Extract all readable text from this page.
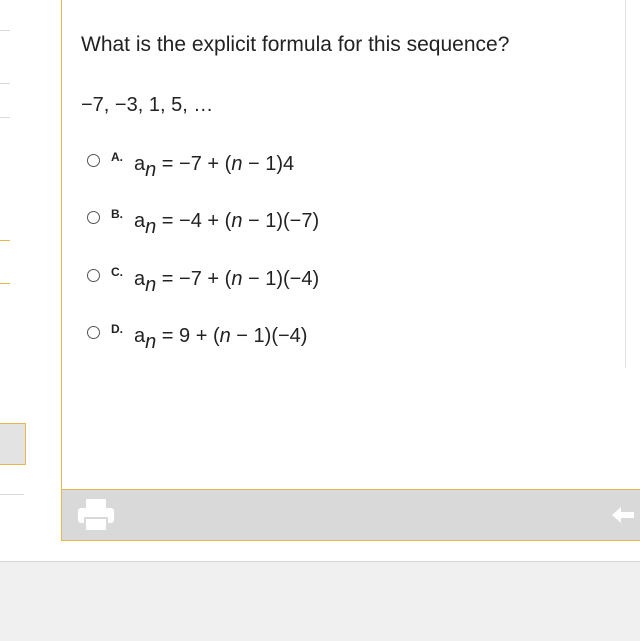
What is the explicit formula for this sequence?
−7, −3, 1, 5, …
A. an = −7 + (n − 1)4
B. an = −4 + (n − 1)(−7)
C. an = −7 + (n − 1)(−4)
D. an = 9 + (n − 1)(−4)
